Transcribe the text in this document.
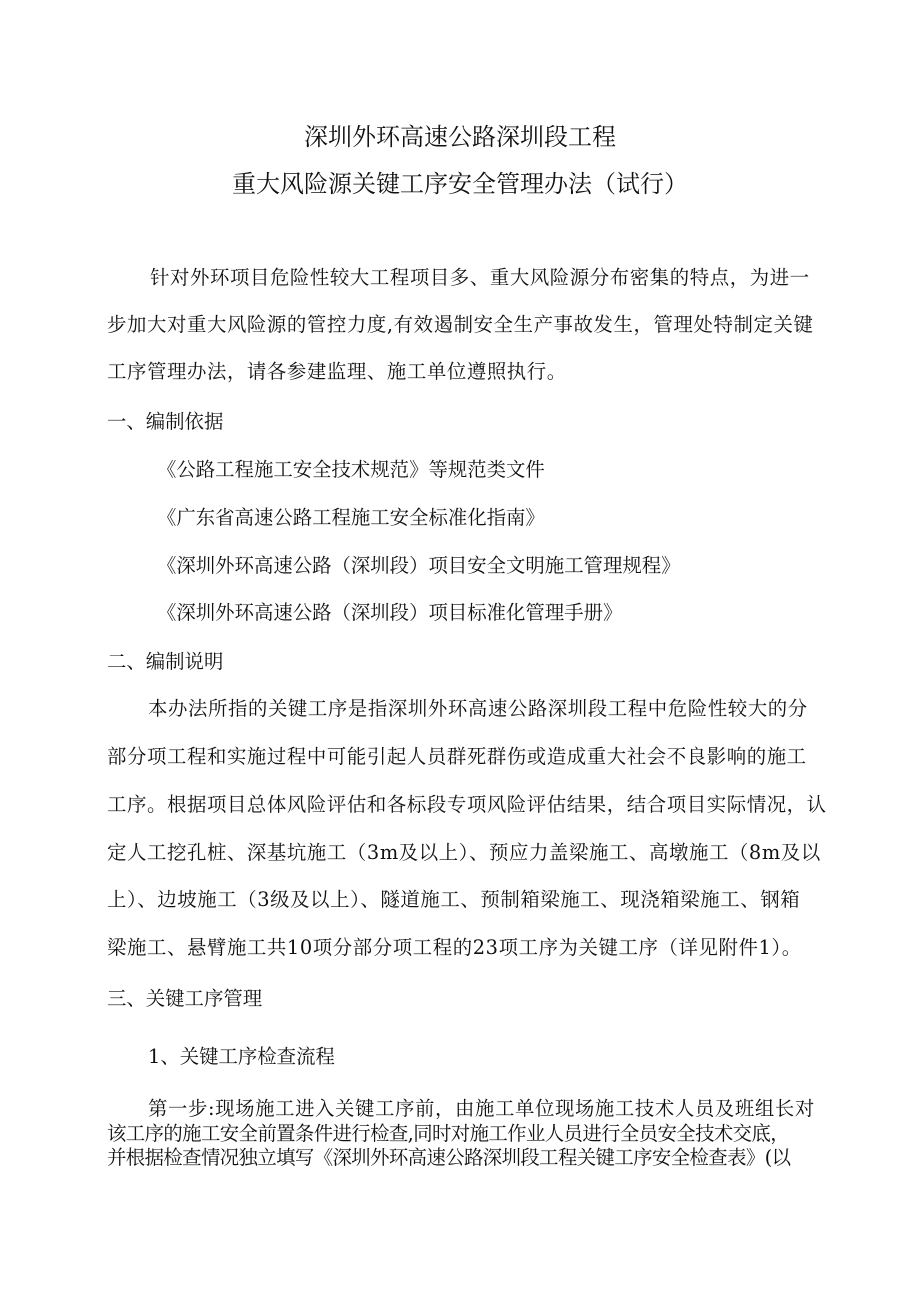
深圳外环高速公路深圳段工程
重大风险源关键工序安全管理办法（试行）

针对外环项目危险性较大工程项目多、重大风险源分布密集的特点，为进一

步加大对重大风险源的管控力度,有效遏制安全生产事故发生，管理处特制定关键

工序管理办法，请各参建监理、施工单位遵照执行。

一、编制依据

《公路工程施工安全技术规范》等规范类文件

《广东省高速公路工程施工安全标准化指南》

《深圳外环高速公路（深圳段）项目安全文明施工管理规程》

《深圳外环高速公路（深圳段）项目标准化管理手册》

二、编制说明

本办法所指的关键工序是指深圳外环高速公路深圳段工程中危险性较大的分

部分项工程和实施过程中可能引起人员群死群伤或造成重大社会不良影响的施工

工序。根据项目总体风险评估和各标段专项风险评估结果，结合项目实际情况，认

定人工挖孔桩、深基坑施工（3m及以上）、预应力盖梁施工、高墩施工（8m及以

上）、边坡施工（3级及以上）、隧道施工、预制箱梁施工、现浇箱梁施工、钢箱

梁施工、悬臂施工共10项分部分项工程的23项工序为关键工序（详见附件1）。

三、关键工序管理
1、关键工序检查流程

第一步:现场施工进入关键工序前，由施工单位现场施工技术人员及班组长对

该工序的施工安全前置条件进行检查,同时对施工作业人员进行全员安全技术交底，

并根据检查情况独立填写《深圳外环高速公路深圳段工程关键工序安全检查表》(以
